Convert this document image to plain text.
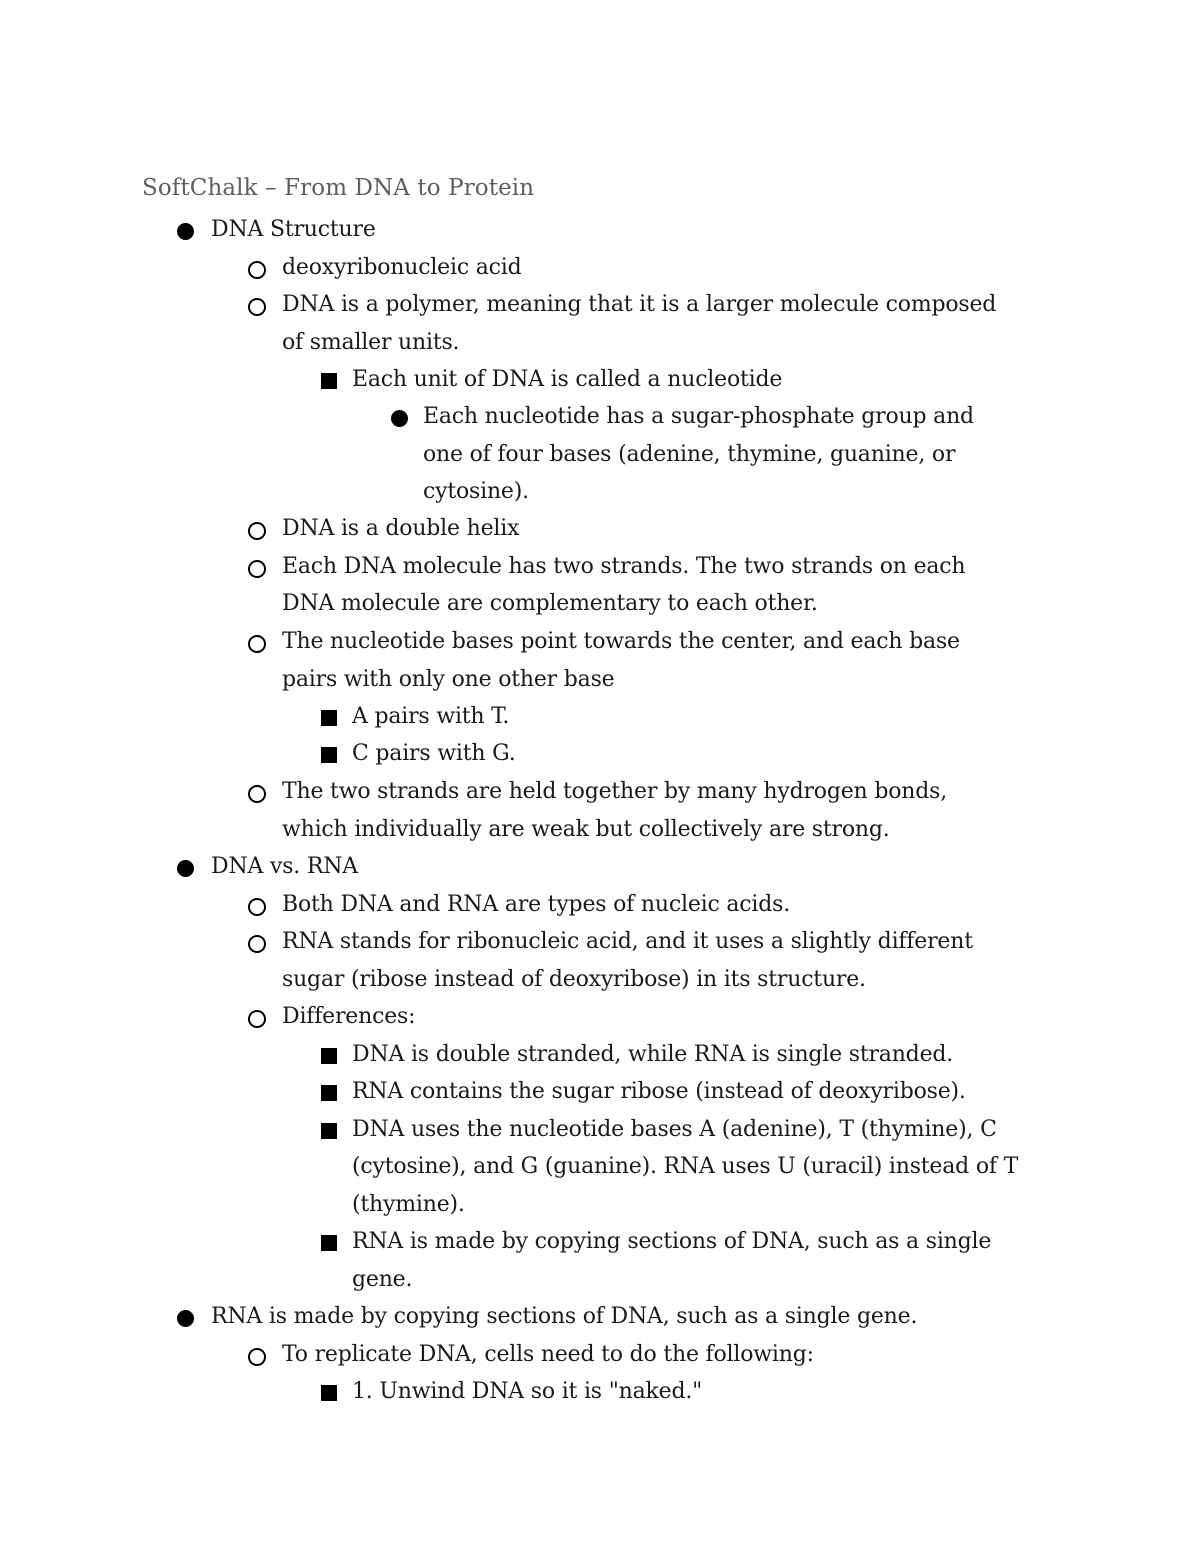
SoftChalk – From DNA to Protein
DNA Structure
deoxyribonucleic acid
DNA is a polymer, meaning that it is a larger molecule composed
of smaller units.
Each unit of DNA is called a nucleotide
Each nucleotide has a sugar-phosphate group and
one of four bases (adenine, thymine, guanine, or
cytosine).
DNA is a double helix
Each DNA molecule has two strands. The two strands on each
DNA molecule are complementary to each other.
The nucleotide bases point towards the center, and each base
pairs with only one other base
A pairs with T.
C pairs with G.
The two strands are held together by many hydrogen bonds,
which individually are weak but collectively are strong.
DNA vs. RNA
Both DNA and RNA are types of nucleic acids.
RNA stands for ribonucleic acid, and it uses a slightly different
sugar (ribose instead of deoxyribose) in its structure.
Differences:
DNA is double stranded, while RNA is single stranded.
RNA contains the sugar ribose (instead of deoxyribose).
DNA uses the nucleotide bases A (adenine), T (thymine), C
(cytosine), and G (guanine). RNA uses U (uracil) instead of T
(thymine).
RNA is made by copying sections of DNA, such as a single
gene.
RNA is made by copying sections of DNA, such as a single gene.
To replicate DNA, cells need to do the following:
1. Unwind DNA so it is "naked."
